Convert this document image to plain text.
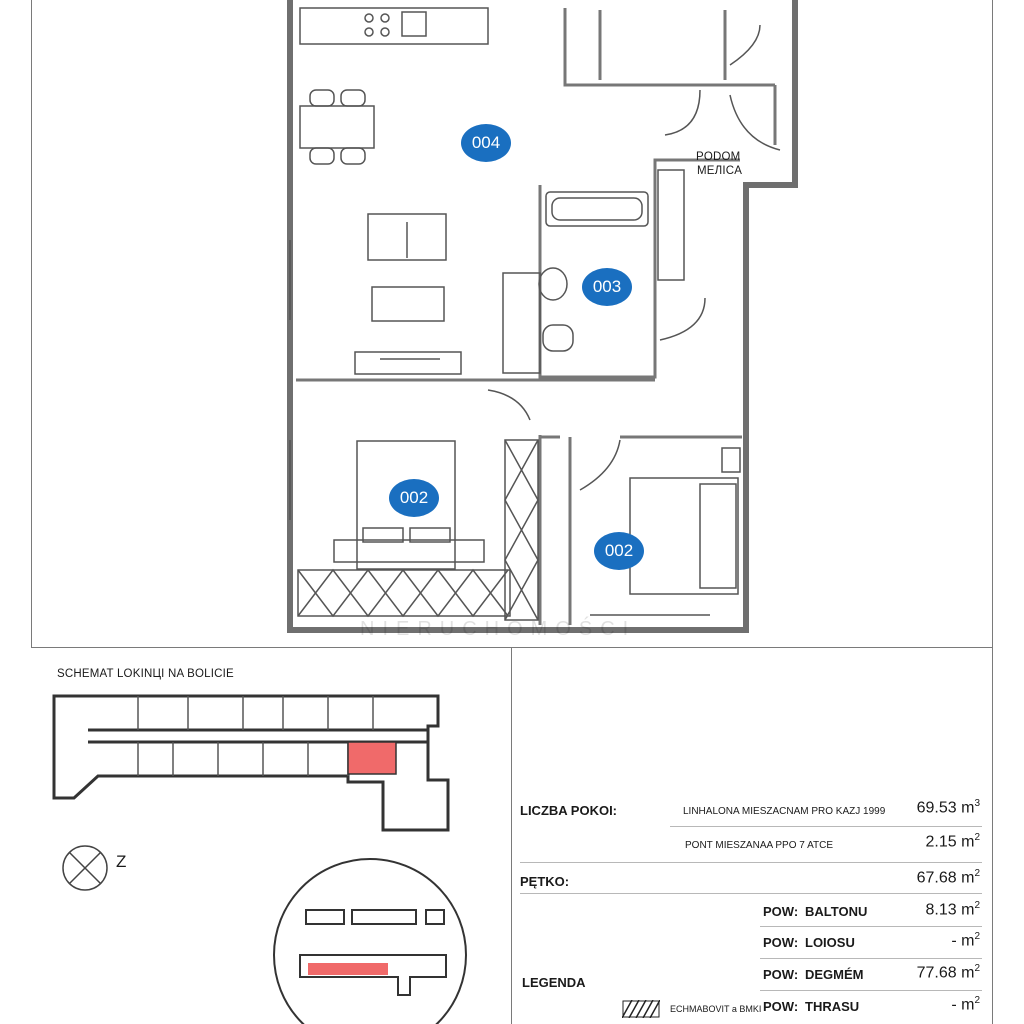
004
003
002
002
PODOM
MEЛICA
NIERUCHOMOŚCI
SCHEMAT LOKINЦI NA BOLICIE
Z
LICZBA POKOI:	LINHALONA MIESZACNAM PRO KAZJ 1999	69.53 $m^3$
PONT MIESZANAA PPO 7 ATCE	2.15 $m^2$
PĘTKO:	67.68 $m^2$
POW: BALTONU	8.13 $m^2$
POW: LOIOSU	- $m^2$
LEGENDA
POW: DEGMÉM	77.68 $m^2$
ECHMABOVIT a BMKI POW: THRASU	- $m^2$
